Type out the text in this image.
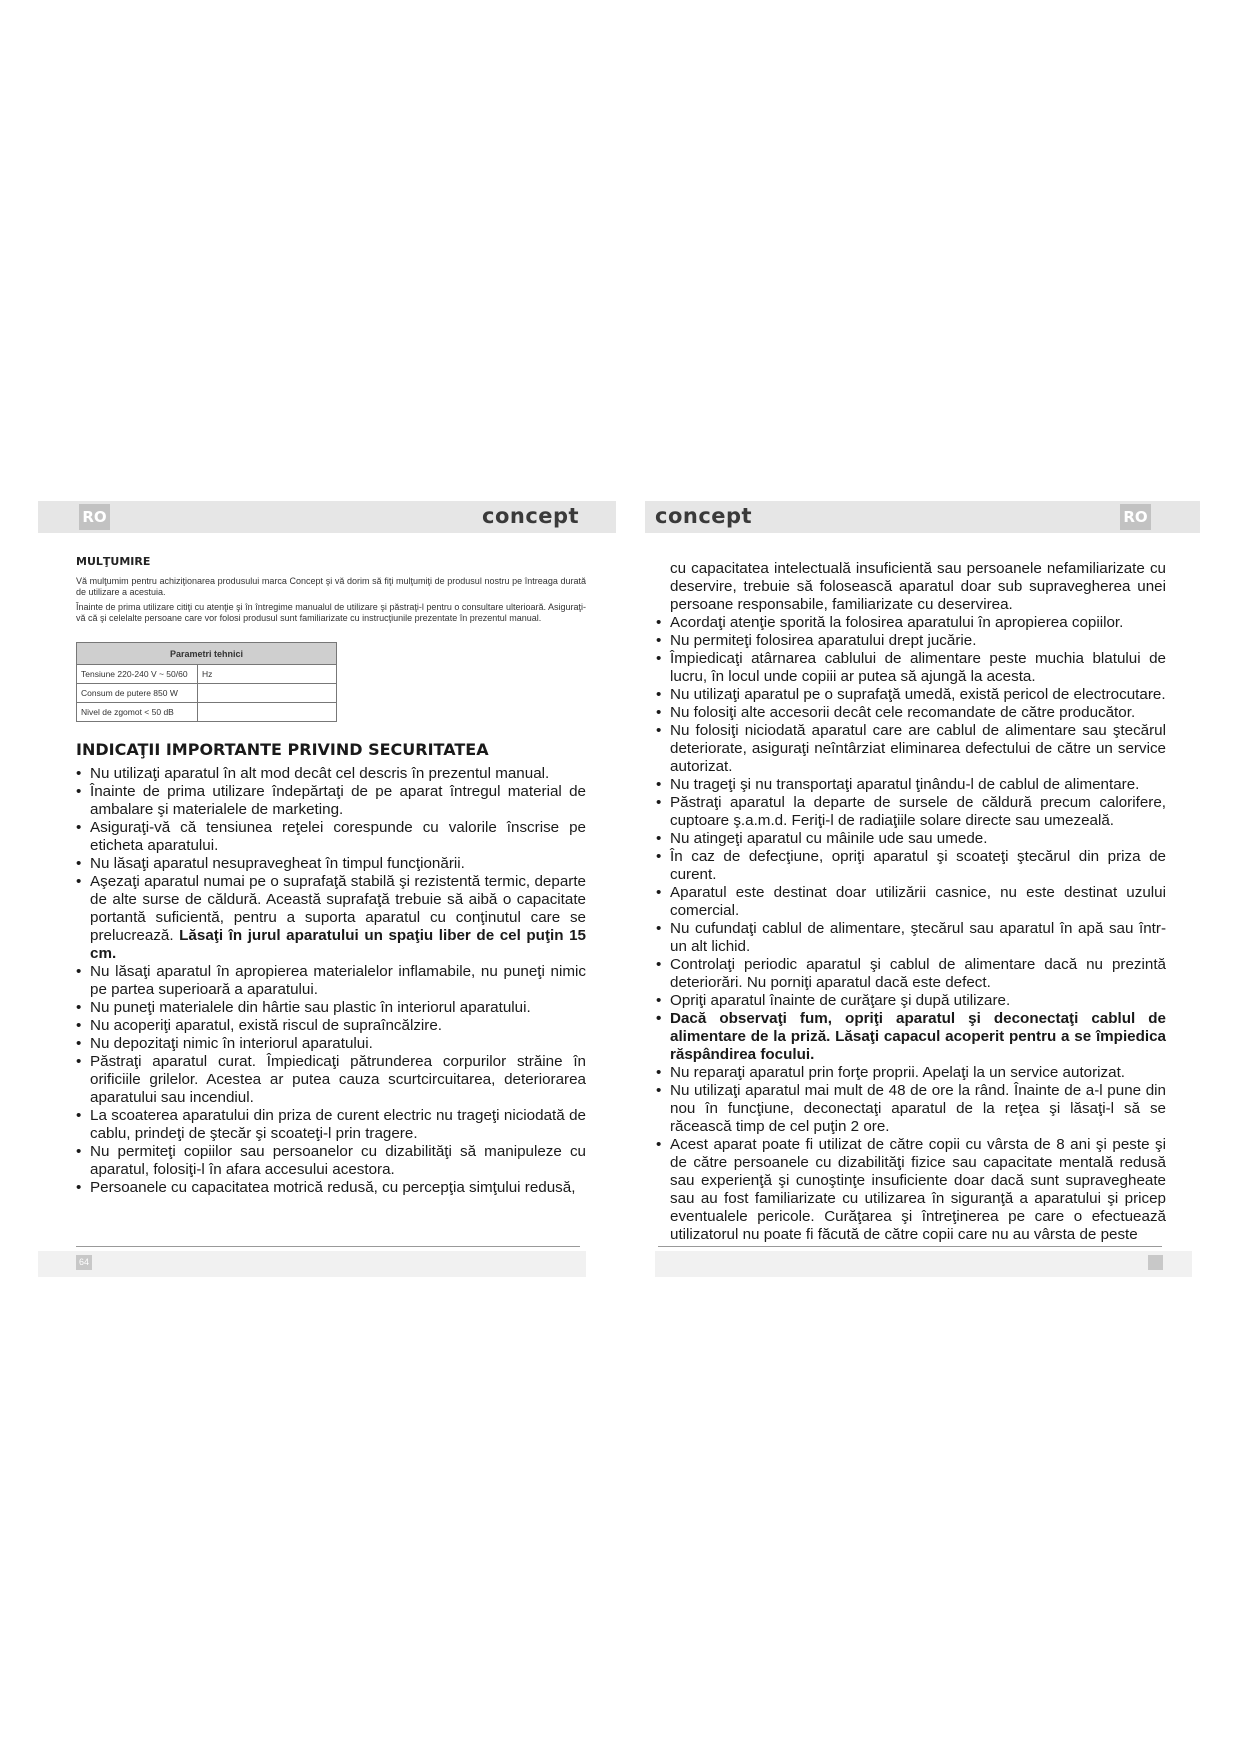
RO	concept	concept	RO
MULŢUMIRE

Vă mulţumim pentru achiziţionarea produsului marca Concept şi vă dorim să fiţi mulţumiţi de produsul nostru pe întreaga durată de utilizare a acestuia.

Înainte de prima utilizare citiţi cu atenţie şi în întregime manualul de utilizare şi păstraţi-l pentru o consultare ulterioară. Asiguraţi-vă că şi celelalte persoane care vor folosi produsul sunt familiarizate cu instrucţiunile prezentate în prezentul manual.

Parametri tehnici	
Tensiune 220-240 V ~ 50/60	Hz
Consum de putere 850 W	
Nivel de zgomot < 50 dB	
INDICAŢII IMPORTANTE PRIVIND SECURITATEA
• Nu utilizaţi aparatul în alt mod decât cel descris în prezentul manual.
• Înainte de prima utilizare îndepărtaţi de pe aparat întregul material de ambalare şi materialele de marketing.
• Asiguraţi-vă că tensiunea reţelei corespunde cu valorile înscrise pe eticheta aparatului.
• Nu lăsaţi aparatul nesupravegheat în timpul funcţionării.
• Aşezaţi aparatul numai pe o suprafaţă stabilă şi rezistentă termic, departe de alte surse de căldură. Această suprafaţă trebuie să aibă o capacitate portantă suficientă, pentru a suporta aparatul cu conţinutul care se prelucrează. Lăsaţi în jurul aparatului un spaţiu liber de cel puţin 15 cm.
• Nu lăsaţi aparatul în apropierea materialelor inflamabile, nu puneţi nimic pe partea superioară a aparatului.
• Nu puneţi materialele din hârtie sau plastic în interiorul aparatului.
• Nu acoperiţi aparatul, există riscul de supraîncălzire.
• Nu depozitaţi nimic în interiorul aparatului.
• Păstraţi aparatul curat. Împiedicaţi pătrunderea corpurilor străine în orificiile grilelor. Acestea ar putea cauza scurtcircuitarea, deteriorarea aparatului sau incendiul.
• La scoaterea aparatului din priza de curent electric nu trageţi niciodată de cablu, prindeţi de ştecăr şi scoateţi-l prin tragere.
• Nu permiteţi copiilor sau persoanelor cu dizabilităţi să manipuleze cu aparatul, folosiţi-l în afara accesului acestora.
• Persoanele cu capacitatea motrică redusă, cu percepţia simţului redusă,

cu capacitatea intelectuală insuficientă sau persoanele nefamiliarizate cu deservire, trebuie să folosească aparatul doar sub supravegherea unei persoane responsabile, familiarizate cu deservirea.

• Acordaţi atenţie sporită la folosirea aparatului în apropierea copiilor.
• Nu permiteţi folosirea aparatului drept jucărie.
• Împiedicaţi atârnarea cablului de alimentare peste muchia blatului de lucru, în locul unde copiii ar putea să ajungă la acesta.
• Nu utilizaţi aparatul pe o suprafaţă umedă, există pericol de electrocutare.
• Nu folosiţi alte accesorii decât cele recomandate de către producător.
• Nu folosiţi niciodată aparatul care are cablul de alimentare sau ştecărul deteriorate, asiguraţi neîntârziat eliminarea defectului de către un service autorizat.
• Nu trageţi şi nu transportaţi aparatul ţinându-l de cablul de alimentare.
• Păstraţi aparatul la departe de sursele de căldură precum calorifere, cuptoare ş.a.m.d. Feriţi-l de radiaţiile solare directe sau umezeală.
• Nu atingeţi aparatul cu mâinile ude sau umede.
• În caz de defecţiune, opriţi aparatul şi scoateţi ştecărul din priza de curent.
• Aparatul este destinat doar utilizării casnice, nu este destinat uzului comercial.
• Nu cufundaţi cablul de alimentare, ştecărul sau aparatul în apă sau într-un alt lichid.
• Controlaţi periodic aparatul şi cablul de alimentare dacă nu prezintă deteriorări. Nu porniţi aparatul dacă este defect.
• Opriţi aparatul înainte de curăţare şi după utilizare.
• Dacă observaţi fum, opriţi aparatul şi deconectaţi cablul de alimentare de la priză. Lăsaţi capacul acoperit pentru a se împiedica răspândirea focului.
• Nu reparaţi aparatul prin forţe proprii. Apelaţi la un service autorizat.
• Nu utilizaţi aparatul mai mult de 48 de ore la rând. Înainte de a-l pune din nou în funcţiune, deconectaţi aparatul de la reţea şi lăsaţi-l să se răcească timp de cel puţin 2 ore.
• Acest aparat poate fi utilizat de către copii cu vârsta de 8 ani şi peste şi de către persoanele cu dizabilităţi fizice sau capacitate mentală redusă sau experienţă şi cunoştinţe insuficiente doar dacă sunt supravegheate sau au fost familiarizate cu utilizarea în siguranţă a aparatului şi pricep eventualele pericole. Curăţarea şi întreţinerea pe care o efectuează utilizatorul nu poate fi făcută de către copii care nu au vârsta de peste
64
